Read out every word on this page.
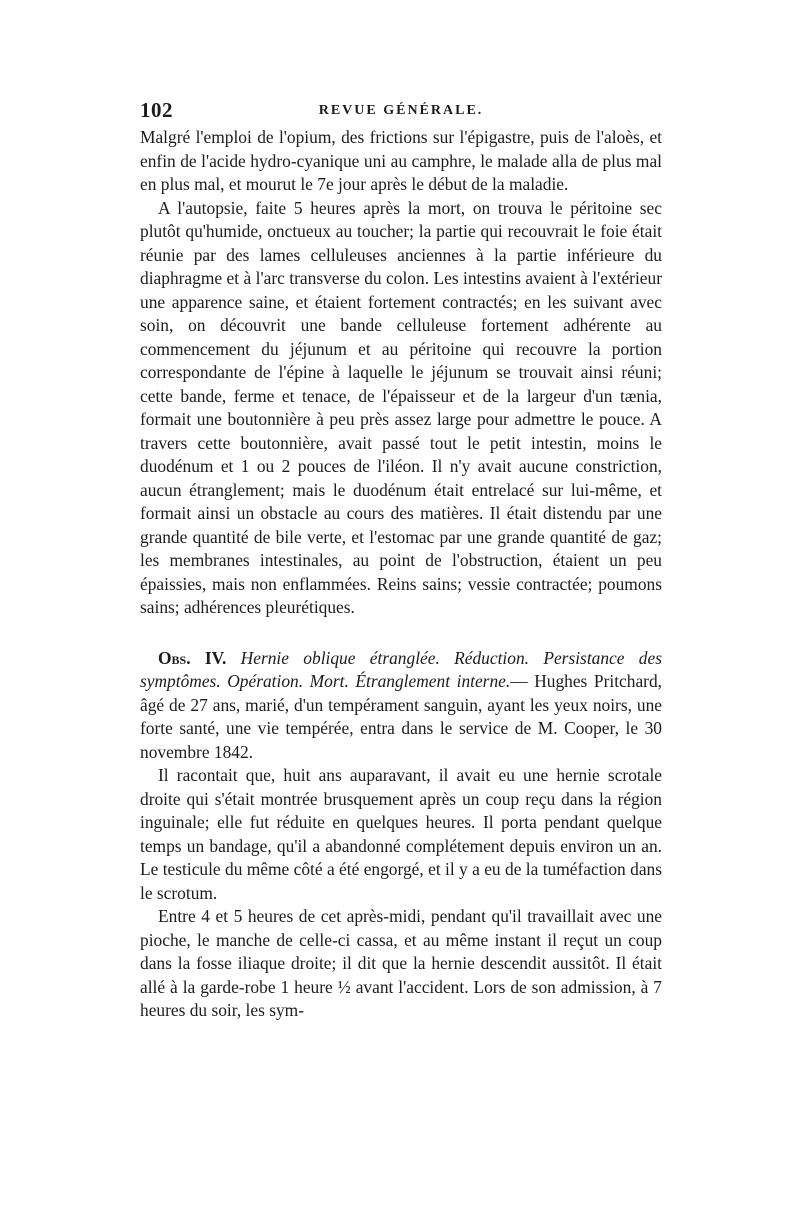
102	REVUE GÉNÉRALE.

Malgré l'emploi de l'opium, des frictions sur l'épigastre, puis de l'aloès, et enfin de l'acide hydro-cyanique uni au camphre, le malade alla de plus mal en plus mal, et mourut le 7e jour après le début de la maladie.

A l'autopsie, faite 5 heures après la mort, on trouva le péritoine sec plutôt qu'humide, onctueux au toucher; la partie qui recouvrait le foie était réunie par des lames celluleuses anciennes à la partie inférieure du diaphragme et à l'arc transverse du colon. Les intestins avaient à l'extérieur une apparence saine, et étaient fortement contractés; en les suivant avec soin, on découvrit une bande celluleuse fortement adhérente au commencement du jéjunum et au péritoine qui recouvre la portion correspondante de l'épine à laquelle le jéjunum se trouvait ainsi réuni; cette bande, ferme et tenace, de l'épaisseur et de la largeur d'un tænia, formait une boutonnière à peu près assez large pour admettre le pouce. A travers cette boutonnière, avait passé tout le petit intestin, moins le duodénum et 1 ou 2 pouces de l'iléon. Il n'y avait aucune constriction, aucun étranglement; mais le duodénum était entrelacé sur lui-même, et formait ainsi un obstacle au cours des matières. Il était distendu par une grande quantité de bile verte, et l'estomac par une grande quantité de gaz; les membranes intestinales, au point de l'obstruction, étaient un peu épaissies, mais non enflammées. Reins sains; vessie contractée; poumons sains; adhérences pleurétiques.

Obs. IV. Hernie oblique étranglée. Réduction. Persistance des symptômes. Opération. Mort. Étranglement interne.— Hughes Pritchard, âgé de 27 ans, marié, d'un tempérament sanguin, ayant les yeux noirs, une forte santé, une vie tempérée, entra dans le service de M. Cooper, le 30 novembre 1842.

Il racontait que, huit ans auparavant, il avait eu une hernie scrotale droite qui s'était montrée brusquement après un coup reçu dans la région inguinale; elle fut réduite en quelques heures. Il porta pendant quelque temps un bandage, qu'il a abandonné complétement depuis environ un an. Le testicule du même côté a été engorgé, et il y a eu de la tuméfaction dans le scrotum.

Entre 4 et 5 heures de cet après-midi, pendant qu'il travaillait avec une pioche, le manche de celle-ci cassa, et au même instant il reçut un coup dans la fosse iliaque droite; il dit que la hernie descendit aussitôt. Il était allé à la garde-robe 1 heure ½ avant l'accident. Lors de son admission, à 7 heures du soir, les sym-
